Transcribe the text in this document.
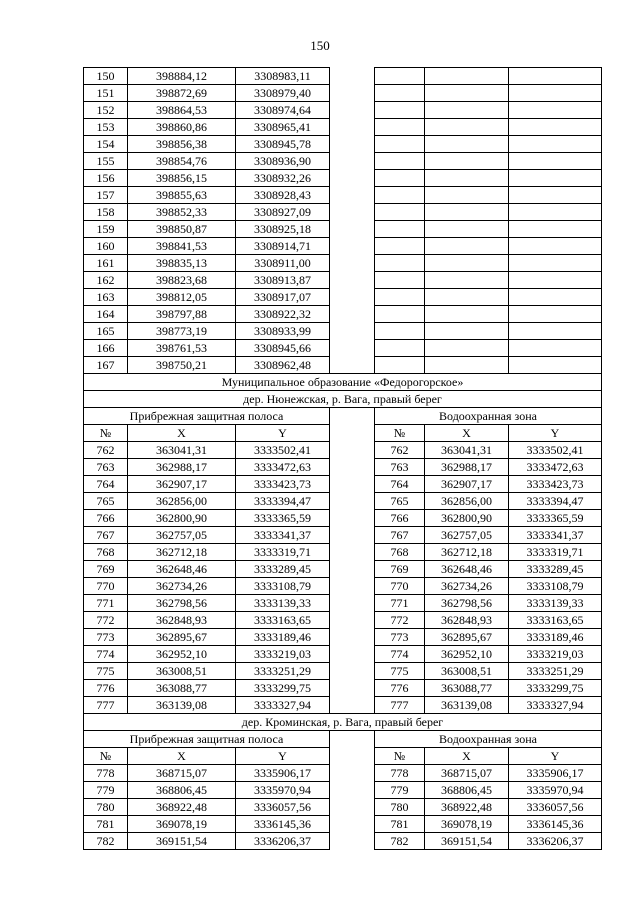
150
150	398884,12	3308983,11				
151	398872,69	3308979,40				
152	398864,53	3308974,64				
153	398860,86	3308965,41				
154	398856,38	3308945,78				
155	398854,76	3308936,90				
156	398856,15	3308932,26				
157	398855,63	3308928,43				
158	398852,33	3308927,09				
159	398850,87	3308925,18				
160	398841,53	3308914,71				
161	398835,13	3308911,00				
162	398823,68	3308913,87				
163	398812,05	3308917,07				
164	398797,88	3308922,32				
165	398773,19	3308933,99				
166	398761,53	3308945,66				
167	398750,21	3308962,48				
Муниципальное образование «Федорогорское»						
дер. Нюнежская, р. Вага, правый берег						
Прибрежная защитная полоса				Водоохранная зона		
№	X	Y		№	X	Y
762	363041,31	3333502,41		762	363041,31	3333502,41
763	362988,17	3333472,63		763	362988,17	3333472,63
764	362907,17	3333423,73		764	362907,17	3333423,73
765	362856,00	3333394,47		765	362856,00	3333394,47
766	362800,90	3333365,59		766	362800,90	3333365,59
767	362757,05	3333341,37		767	362757,05	3333341,37
768	362712,18	3333319,71		768	362712,18	3333319,71
769	362648,46	3333289,45		769	362648,46	3333289,45
770	362734,26	3333108,79		770	362734,26	3333108,79
771	362798,56	3333139,33		771	362798,56	3333139,33
772	362848,93	3333163,65		772	362848,93	3333163,65
773	362895,67	3333189,46		773	362895,67	3333189,46
774	362952,10	3333219,03		774	362952,10	3333219,03
775	363008,51	3333251,29		775	363008,51	3333251,29
776	363088,77	3333299,75		776	363088,77	3333299,75
777	363139,08	3333327,94		777	363139,08	3333327,94
дер. Кроминская, р. Вага, правый берег						
Прибрежная защитная полоса				Водоохранная зона		
№	X	Y		№	X	Y
778	368715,07	3335906,17		778	368715,07	3335906,17
779	368806,45	3335970,94		779	368806,45	3335970,94
780	368922,48	3336057,56		780	368922,48	3336057,56
781	369078,19	3336145,36		781	369078,19	3336145,36
782	369151,54	3336206,37		782	369151,54	3336206,37
